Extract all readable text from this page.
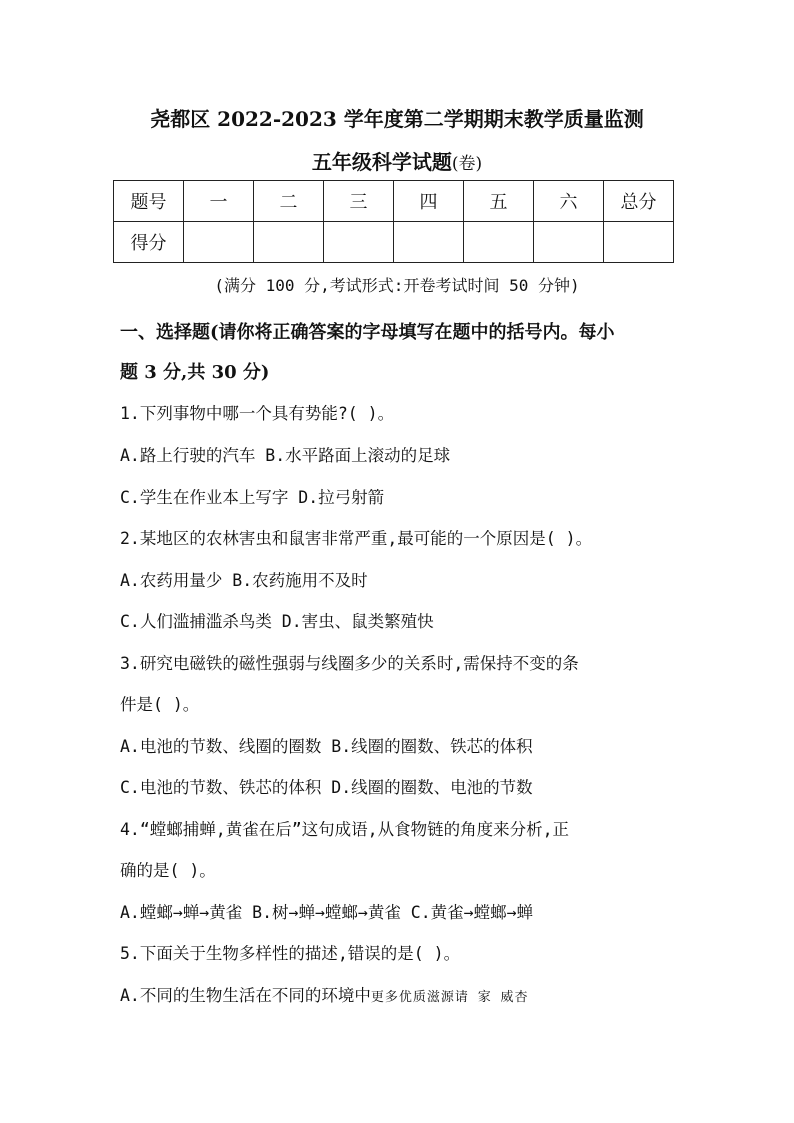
尧都区 2022-2023 学年度第二学期期末教学质量监测
五年级科学试题(卷)
题号	一	二	三	四	五	六	总分
得分							
(满分 100 分,考试形式:开卷考试时间 50 分钟)
一、选择题(请你将正确答案的字母填写在题中的括号内。每小
题 3 分,共 30 分)
1.下列事物中哪一个具有势能?( )。
A.路上行驶的汽车 B.水平路面上滚动的足球
C.学生在作业本上写字 D.拉弓射箭
2.某地区的农林害虫和鼠害非常严重,最可能的一个原因是( )。
A.农药用量少 B.农药施用不及时
C.人们滥捕滥杀鸟类 D.害虫、鼠类繁殖快
3.研究电磁铁的磁性强弱与线圈多少的关系时,需保持不变的条
件是( )。
A.电池的节数、线圈的圈数 B.线圈的圈数、铁芯的体积
C.电池的节数、铁芯的体积 D.线圈的圈数、电池的节数
4.“螳螂捕蝉,黄雀在后”这句成语,从食物链的角度来分析,正
确的是( )。
A.螳螂→蝉→黄雀 B.树→蝉→螳螂→黄雀 C.黄雀→螳螂→蝉
5.下面关于生物多样性的描述,错误的是( )。
A.不同的生物生活在不同的环境中更多优质滋源请 家 威杏
